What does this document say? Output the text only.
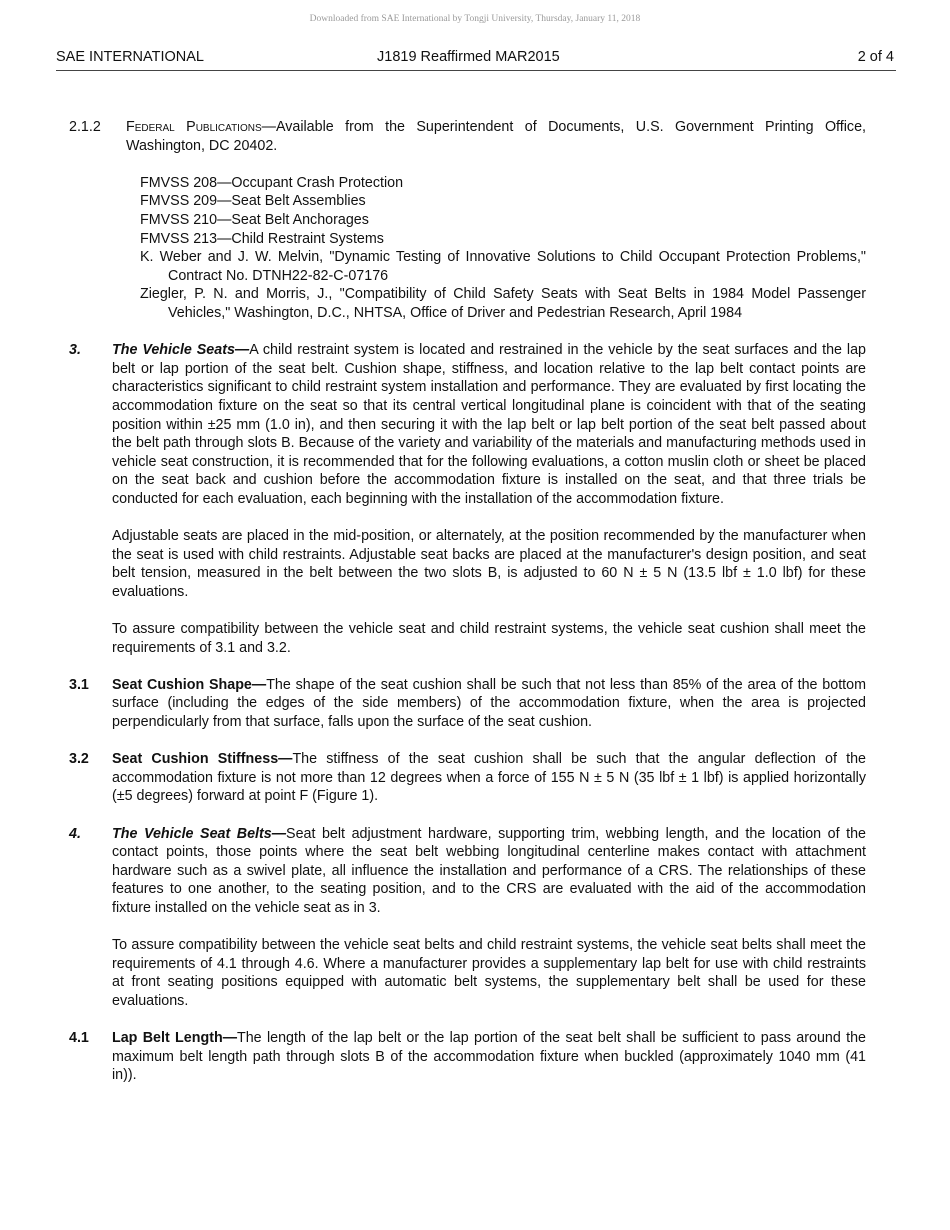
Downloaded from SAE International by Tongji University, Thursday, January 11, 2018
SAE INTERNATIONAL	J1819 Reaffirmed MAR2015	2 of 4
2.1.2 Federal Publications—Available from the Superintendent of Documents, U.S. Government Printing Office, Washington, DC 20402.
FMVSS 208—Occupant Crash Protection
FMVSS 209—Seat Belt Assemblies
FMVSS 210—Seat Belt Anchorages
FMVSS 213—Child Restraint Systems
K. Weber and J. W. Melvin, "Dynamic Testing of Innovative Solutions to Child Occupant Protection Problems," Contract No. DTNH22-82-C-07176
Ziegler, P. N. and Morris, J., "Compatibility of Child Safety Seats with Seat Belts in 1984 Model Passenger Vehicles," Washington, D.C., NHTSA, Office of Driver and Pedestrian Research, April 1984
3. The Vehicle Seats—A child restraint system is located and restrained in the vehicle by the seat surfaces and the lap belt or lap portion of the seat belt. Cushion shape, stiffness, and location relative to the lap belt contact points are characteristics significant to child restraint system installation and performance. They are evaluated by first locating the accommodation fixture on the seat so that its central vertical longitudinal plane is coincident with that of the seating position within ±25 mm (1.0 in), and then securing it with the lap belt or lap belt portion of the seat belt passed about the belt path through slots B. Because of the variety and variability of the materials and manufacturing methods used in vehicle seat construction, it is recommended that for the following evaluations, a cotton muslin cloth or sheet be placed on the seat back and cushion before the accommodation fixture is installed on the seat, and that three trials be conducted for each evaluation, each beginning with the installation of the accommodation fixture.
Adjustable seats are placed in the mid-position, or alternately, at the position recommended by the manufacturer when the seat is used with child restraints. Adjustable seat backs are placed at the manufacturer's design position, and seat belt tension, measured in the belt between the two slots B, is adjusted to 60 N ± 5 N (13.5 lbf ± 1.0 lbf) for these evaluations.
To assure compatibility between the vehicle seat and child restraint systems, the vehicle seat cushion shall meet the requirements of 3.1 and 3.2.
3.1 Seat Cushion Shape—The shape of the seat cushion shall be such that not less than 85% of the area of the bottom surface (including the edges of the side members) of the accommodation fixture, when the area is projected perpendicularly from that surface, falls upon the surface of the seat cushion.
3.2 Seat Cushion Stiffness—The stiffness of the seat cushion shall be such that the angular deflection of the accommodation fixture is not more than 12 degrees when a force of 155 N ± 5 N (35 lbf ± 1 lbf) is applied horizontally (±5 degrees) forward at point F (Figure 1).
4. The Vehicle Seat Belts—Seat belt adjustment hardware, supporting trim, webbing length, and the location of the contact points, those points where the seat belt webbing longitudinal centerline makes contact with attachment hardware such as a swivel plate, all influence the installation and performance of a CRS. The relationships of these features to one another, to the seating position, and to the CRS are evaluated with the aid of the accommodation fixture installed on the vehicle seat as in 3.
To assure compatibility between the vehicle seat belts and child restraint systems, the vehicle seat belts shall meet the requirements of 4.1 through 4.6. Where a manufacturer provides a supplementary lap belt for use with child restraints at front seating positions equipped with automatic belt systems, the supplementary belt shall be used for these evaluations.
4.1 Lap Belt Length—The length of the lap belt or the lap portion of the seat belt shall be sufficient to pass around the maximum belt length path through slots B of the accommodation fixture when buckled (approximately 1040 mm (41 in)).
